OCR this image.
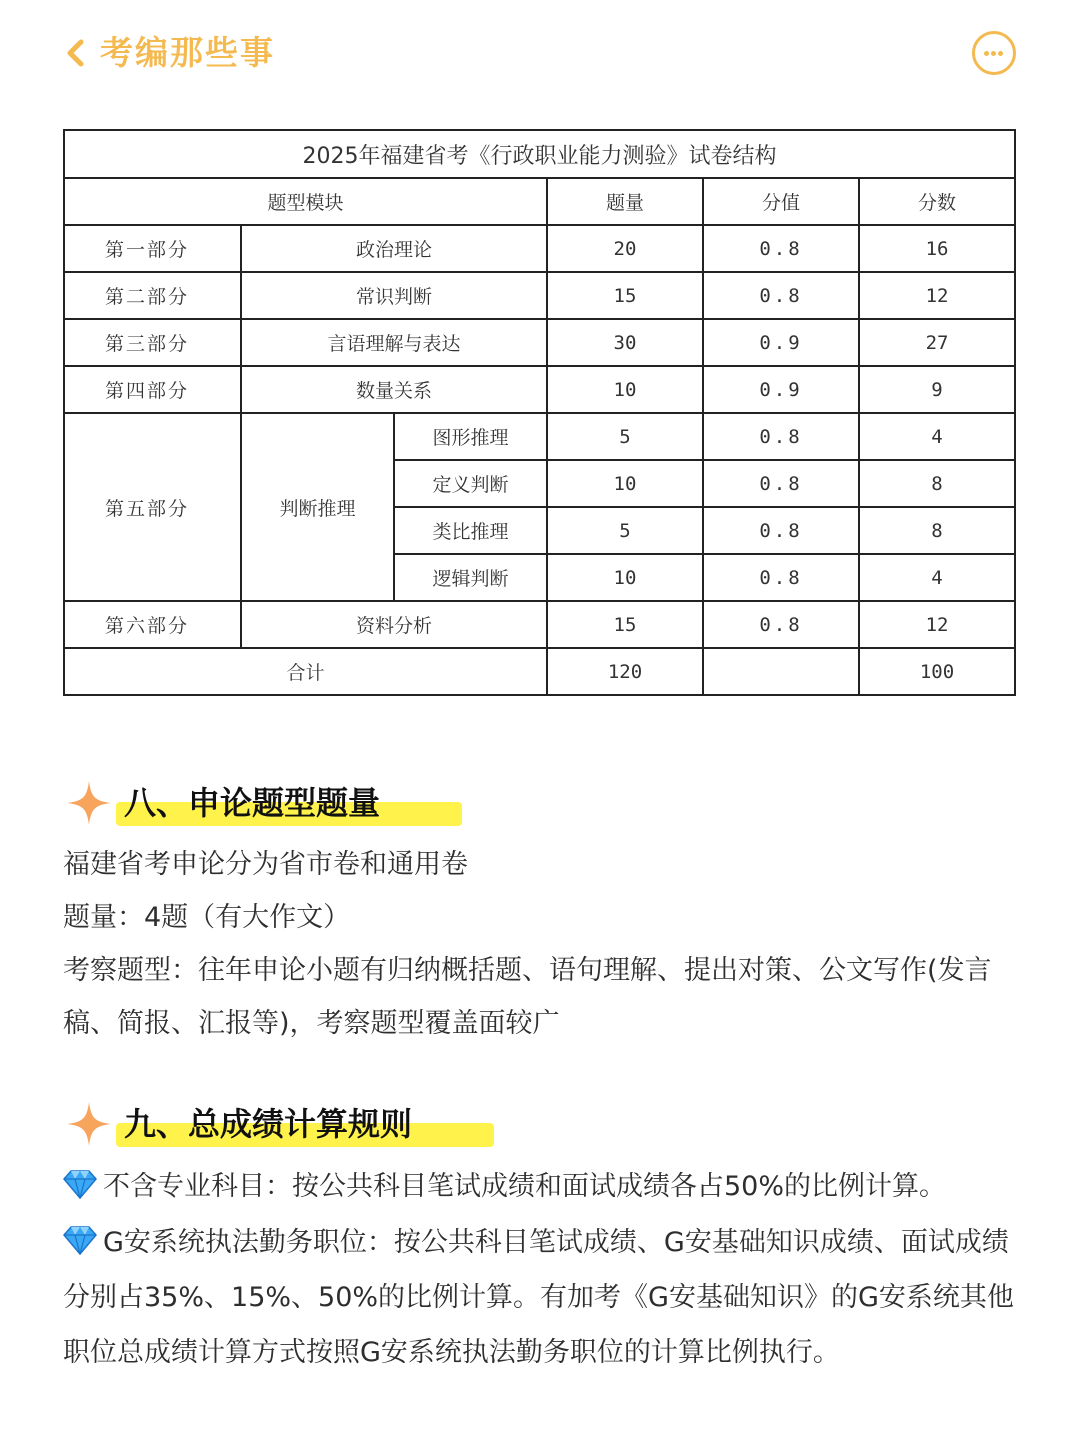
考编那些事
2025年福建省考《行政职业能力测验》试卷结构					
题型模块			题量	分值	分数
第一部分	政治理论		20	0.8	16
第二部分	常识判断		15	0.8	12
第三部分	言语理解与表达		30	0.9	27
第四部分	数量关系		10	0.9	9
第五部分	判断推理	图形推理	5	0.8	4
		定义判断	10	0.8	8
		类比推理	5	0.8	8
		逻辑判断	10	0.8	4
第六部分	资料分析		15	0.8	12
合计			120		100
八、申论题型题量

福建省考申论分为省市卷和通用卷

题量：4题（有大作文）

考察题型：往年申论小题有归纳概括题、语句理解、提出对策、公文写作(发言稿、简报、汇报等)，考察题型覆盖面较广

九、总成绩计算规则

不含专业科目：按公共科目笔试成绩和面试成绩各占50%的比例计算。

G安系统执法勤务职位：按公共科目笔试成绩、G安基础知识成绩、面试成绩分别占35%、15%、50%的比例计算。有加考《G安基础知识》的G安系统其他职位总成绩计算方式按照G安系统执法勤务职位的计算比例执行。
